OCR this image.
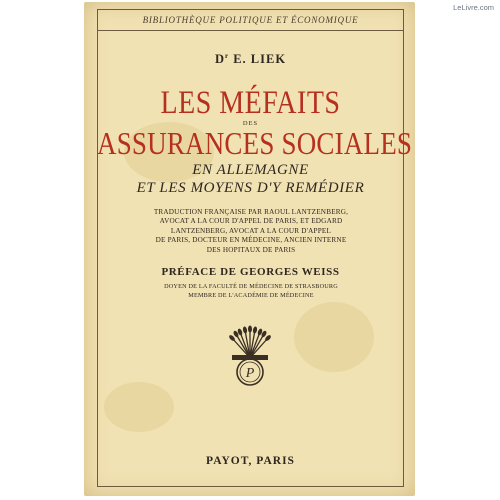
LeLivre.com
BIBLIOTHÈQUE POLITIQUE ET ÉCONOMIQUE
$D^r$ E. LIEK
LES MÉFAITS
DES
ASSURANCES SOCIALES
EN ALLEMAGNE
ET LES MOYENS D'Y REMÉDIER
TRADUCTION FRANÇAISE PAR RAOUL LANTZENBERG,
AVOCAT A LA COUR D'APPEL DE PARIS, ET EDGARD
LANTZENBERG, AVOCAT A LA COUR D'APPEL
DE PARIS, DOCTEUR EN MÉDECINE, ANCIEN INTERNE
DES HOPITAUX DE PARIS
PRÉFACE DE GEORGES WEISS
DOYEN DE LA FACULTÉ DE MÉDECINE DE STRASBOURG
MEMBRE DE L'ACADÉMIE DE MÉDECINE
P
PAYOT, PARIS
